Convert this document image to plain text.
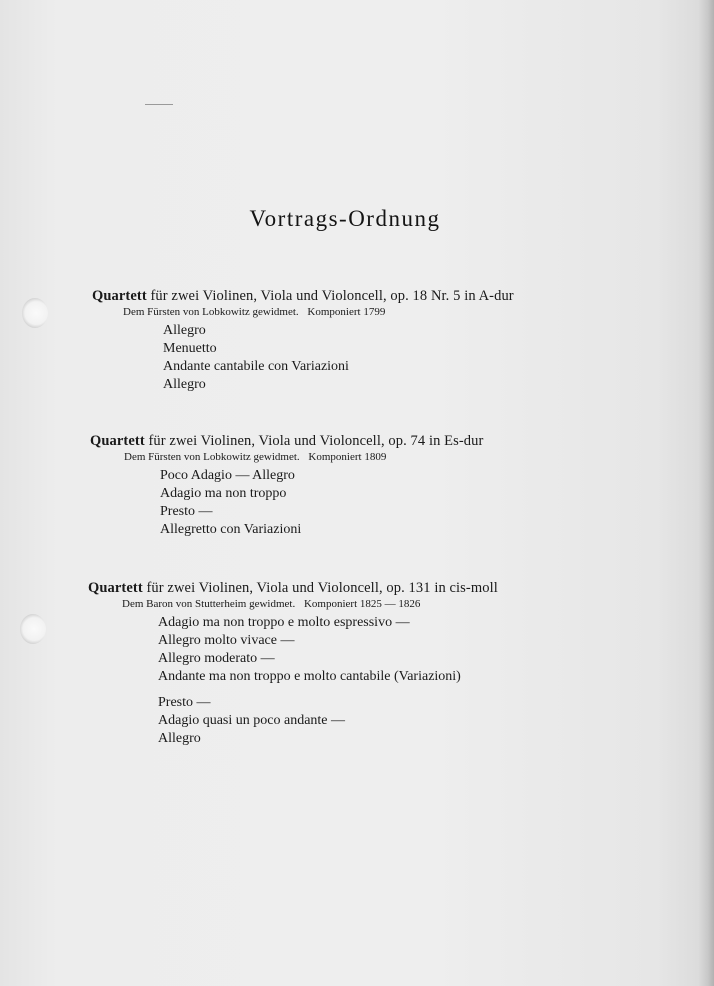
Vortrags-Ordnung
Quartett für zwei Violinen, Viola und Violoncell, op. 18 Nr. 5 in A-dur
Dem Fürsten von Lobkowitz gewidmet. Komponiert 1799
Allegro
Menuetto
Andante cantabile con Variazioni
Allegro
Quartett für zwei Violinen, Viola und Violoncell, op. 74 in Es-dur
Dem Fürsten von Lobkowitz gewidmet. Komponiert 1809
Poco Adagio — Allegro
Adagio ma non troppo
Presto —
Allegretto con Variazioni
Quartett für zwei Violinen, Viola und Violoncell, op. 131 in cis-moll
Dem Baron von Stutterheim gewidmet. Komponiert 1825 — 1826
Adagio ma non troppo e molto espressivo —
Allegro molto vivace —
Allegro moderato —
Andante ma non troppo e molto cantabile (Variazioni)
Presto —
Adagio quasi un poco andante —
Allegro
